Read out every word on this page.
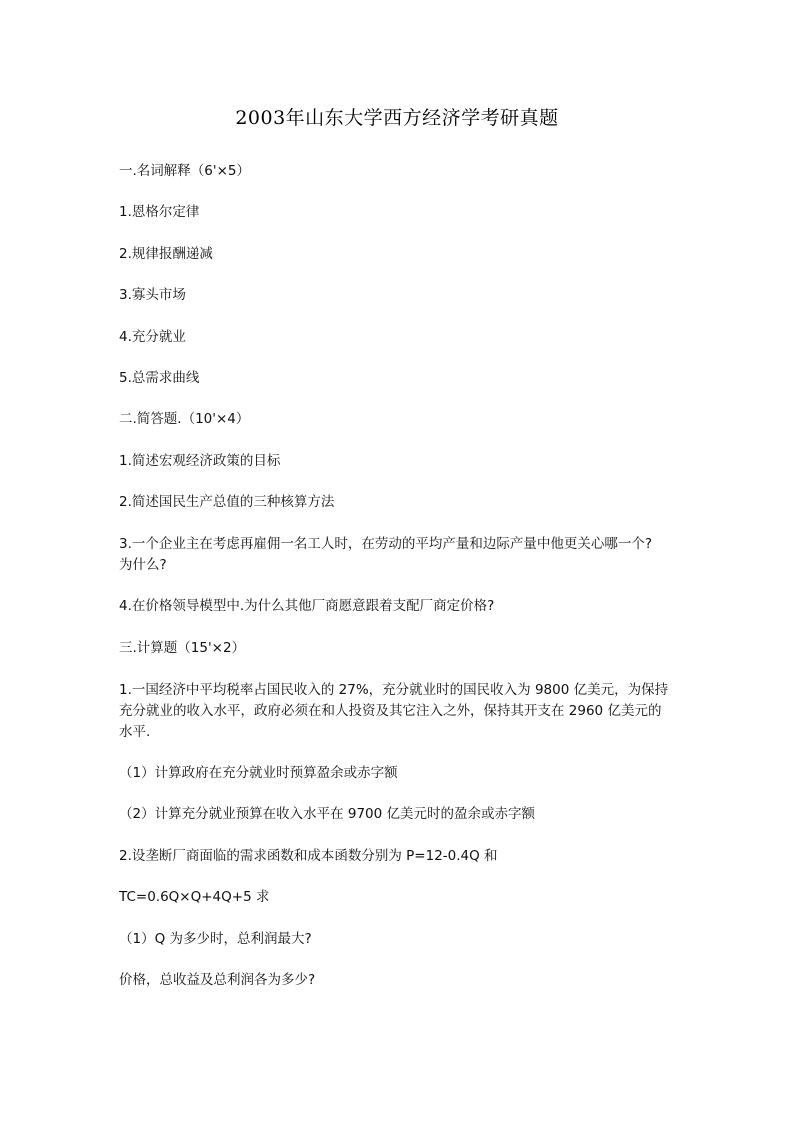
2003年山东大学西方经济学考研真题
一.名词解释（6'×5）
1.恩格尔定律
2.规律报酬递减
3.寡头市场
4.充分就业
5.总需求曲线
二.简答题.（10'×4）
1.简述宏观经济政策的目标
2.简述国民生产总值的三种核算方法
3.一个企业主在考虑再雇佣一名工人时，在劳动的平均产量和边际产量中他更关心哪一个?
为什么?
4.在价格领导模型中.为什么其他厂商愿意跟着支配厂商定价格?
三.计算题（15'×2）
1.一国经济中平均税率占国民收入的 27%，充分就业时的国民收入为 9800 亿美元，为保持
充分就业的收入水平，政府必须在和人投资及其它注入之外，保持其开支在 2960 亿美元的
水平.
（1）计算政府在充分就业时预算盈余或赤字额
（2）计算充分就业预算在收入水平在 9700 亿美元时的盈余或赤字额
2.设垄断厂商面临的需求函数和成本函数分别为 P=12-0.4Q 和
TC=0.6Q×Q+4Q+5 求
（1）Q 为多少时，总利润最大?
价格，总收益及总利润各为多少?
